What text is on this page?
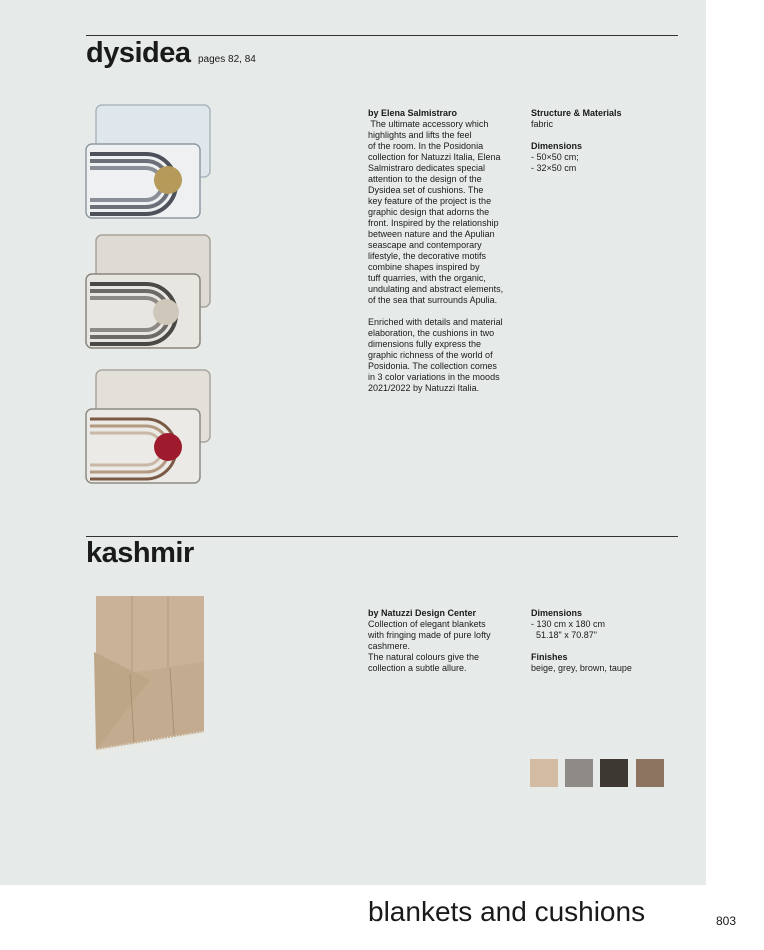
dysidea pages 82, 84

by Elena Salmistraro

The ultimate accessory which

highlights and lifts the feel

of the room. In the Posidonia

collection for Natuzzi Italia, Elena

Salmistraro dedicates special

attention to the design of the

Dysidea set of cushions. The

key feature of the project is the

graphic design that adorns the

front. Inspired by the relationship

between nature and the Apulian

seascape and contemporary

lifestyle, the decorative motifs

combine shapes inspired by

tuff quarries, with the organic,

undulating and abstract elements,

of the sea that surrounds Apulia.

Enriched with details and material

elaboration, the cushions in two

dimensions fully express the

graphic richness of the world of

Posidonia. The collection comes

in 3 color variations in the moods

2021/2022 by Natuzzi Italia.

Structure & Materials

fabric

Dimensions

- 50×50 cm;

- 32×50 cm

kashmir

by Natuzzi Design Center

Collection of elegant blankets

with fringing made of pure lofty

cashmere.

The natural colours give the

collection a subtle allure.

Dimensions

- 130 cm x 180 cm

51.18" x 70.87"

Finishes

beige, grey, brown, taupe

blankets and cushions	803
